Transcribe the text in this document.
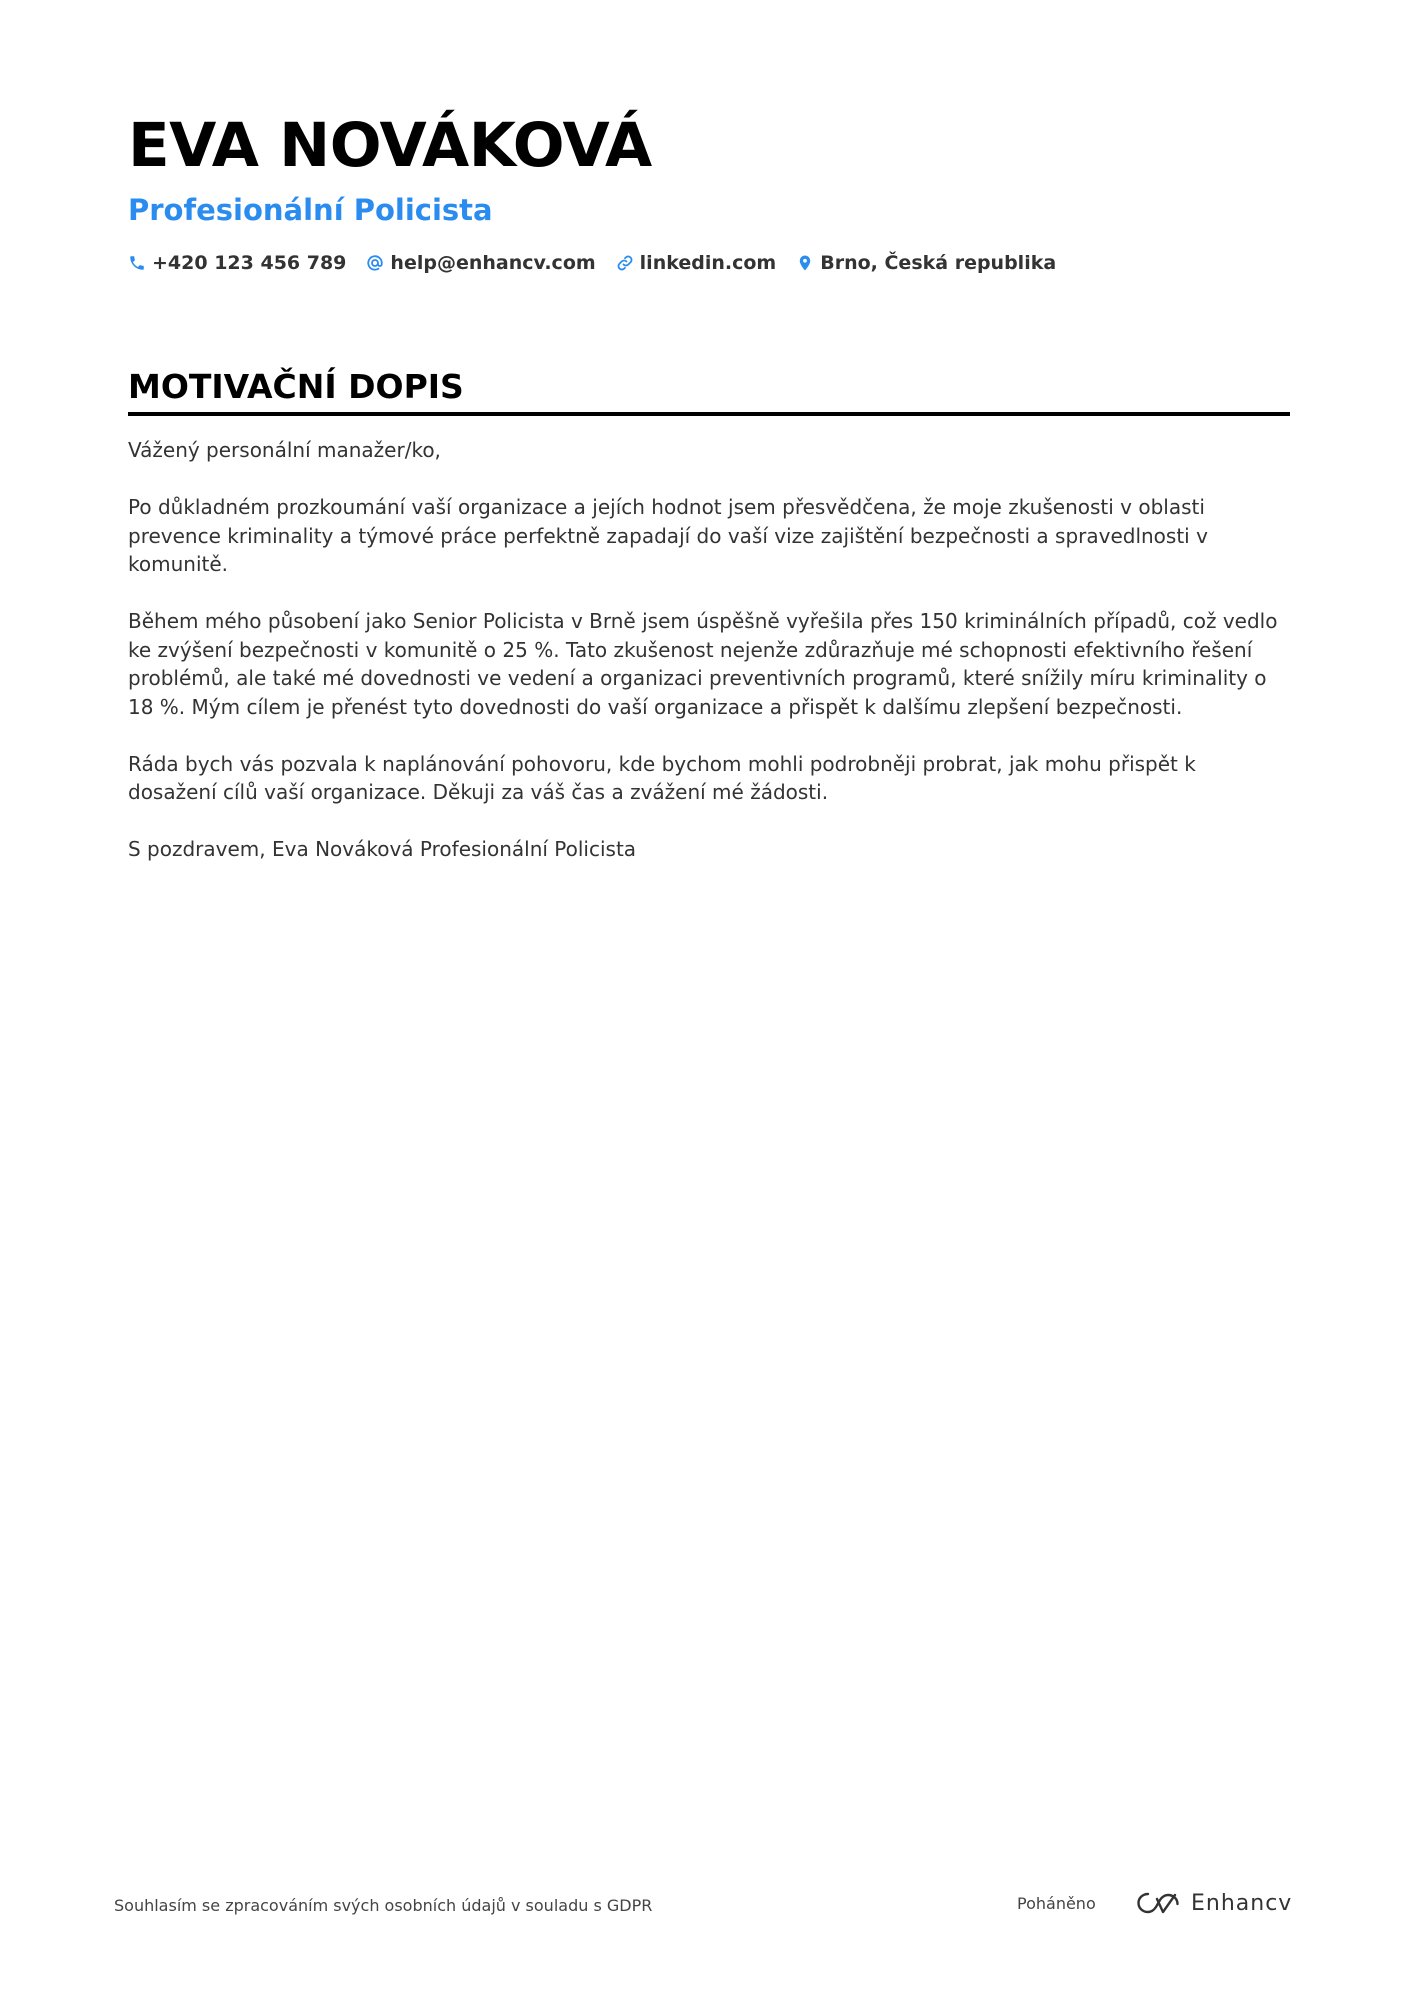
EVA NOVÁKOVÁ
Profesionální Policista
+420 123 456 789 help@enhancv.com linkedin.com Brno, Česká republika
MOTIVAČNÍ DOPIS

Vážený personální manažer/ko,

Po důkladném prozkoumání vaší organizace a jejích hodnot jsem přesvědčena, že moje zkušenosti v oblasti prevence kriminality a týmové práce perfektně zapadají do vaší vize zajištění bezpečnosti a spravedlnosti v komunitě.

Během mého působení jako Senior Policista v Brně jsem úspěšně vyřešila přes 150 kriminálních případů, což vedlo ke zvýšení bezpečnosti v komunitě o 25 %. Tato zkušenost nejenže zdůrazňuje mé schopnosti efektivního řešení problémů, ale také mé dovednosti ve vedení a organizaci preventivních programů, které snížily míru kriminality o 18 %. Mým cílem je přenést tyto dovednosti do vaší organizace a přispět k dalšímu zlepšení bezpečnosti.

Ráda bych vás pozvala k naplánování pohovoru, kde bychom mohli podrobněji probrat, jak mohu přispět k dosažení cílů vaší organizace. Děkuji za váš čas a zvážení mé žádosti.

S pozdravem, Eva Nováková Profesionální Policista

Souhlasím se zpracováním svých osobních údajů v souladu s GDPR	Poháněno	Enhancv
